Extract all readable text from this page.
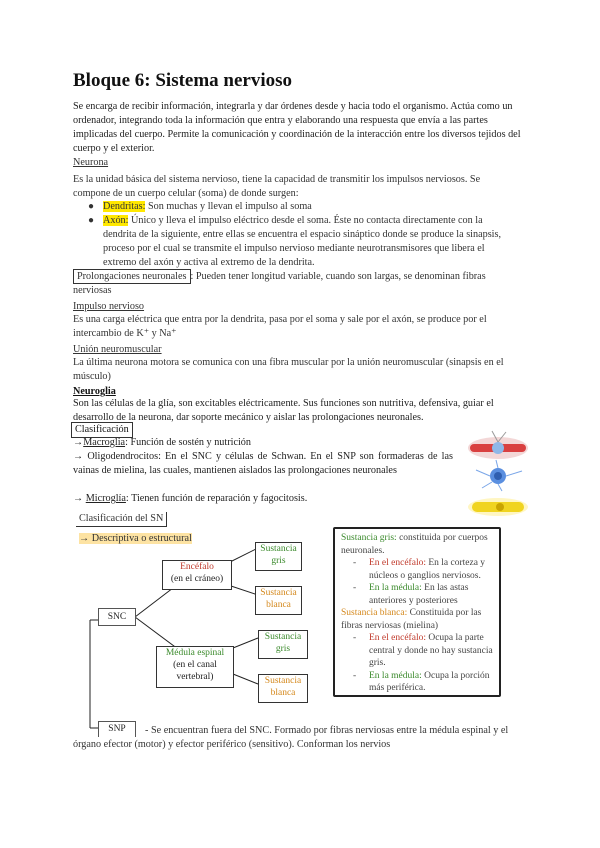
Bloque 6: Sistema nervioso
Se encarga de recibir información, integrarla y dar órdenes desde y hacia todo el organismo. Actúa como un ordenador, integrando toda la información que entra y elaborando una respuesta que envía a las partes implicadas del cuerpo. Permite la comunicación y coordinación de la interacción entre los diversos tejidos del cuerpo y el exterior.
Neurona
Es la unidad básica del sistema nervioso, tiene la capacidad de transmitir los impulsos nerviosos. Se compone de un cuerpo celular (soma) de donde surgen:
● Dendritas: Son muchas y llevan el impulso al soma
● Axón: Único y lleva el impulso eléctrico desde el soma. Éste no contacta directamente con la dendrita de la siguiente, entre ellas se encuentra el espacio sináptico donde se produce la sinapsis, proceso por el cual se transmite el impulso nervioso mediante neurotransmisores que libera el extremo del axón y activa al extremo de la dendrita.
Prolongaciones neuronales : Pueden tener longitud variable, cuando son largas, se denominan fibras nerviosas
Impulso nervioso
Es una carga eléctrica que entra por la dendrita, pasa por el soma y sale por el axón, se produce por el intercambio de K⁺ y Na⁺
Unión neuromuscular
La última neurona motora se comunica con una fibra muscular por la unión neuromuscular (sinapsis en el músculo)
Neuroglia
Son las células de la glía, son excitables eléctricamente. Sus funciones son nutritiva, defensiva, guiar el desarrollo de la neurona, dar soporte mecánico y aislar las prolongaciones neuronales.
Clasificación
→Macroglia: Función de sostén y nutrición
→ Oligodendrocitos: En el SNC y células de Schwan. En el SNP son formaderas de las vainas de mielina, las cuales, mantienen aislados las prolongaciones neuronales
→ Microglía: Tienen función de reparación y fagocitosis.
Clasificación del SN
→ Descriptiva o estructural
SNC
Encéfalo
(en el cráneo)
Médula espinal
(en el canal
vertebral)
Sustancia
gris
Sustancia
blanca
Sustancia
gris
Sustancia
blanca
Sustancia gris: constituida por cuerpos neuronales.
- En el encéfalo: En la corteza y núcleos o ganglios nerviosos.
- En la médula: En las astas anteriores y posteriores
Sustancia blanca: Constituida por las fibras nerviosas (mielina)
- En el encéfalo: Ocupa la parte central y donde no hay sustancia gris.
- En la médula: Ocupa la porción más periférica.
SNP	- Se encuentran fuera del SNC. Formado por fibras nerviosas entre la médula espinal y el órgano efector (motor) y efector periférico (sensitivo). Conforman los nervios
